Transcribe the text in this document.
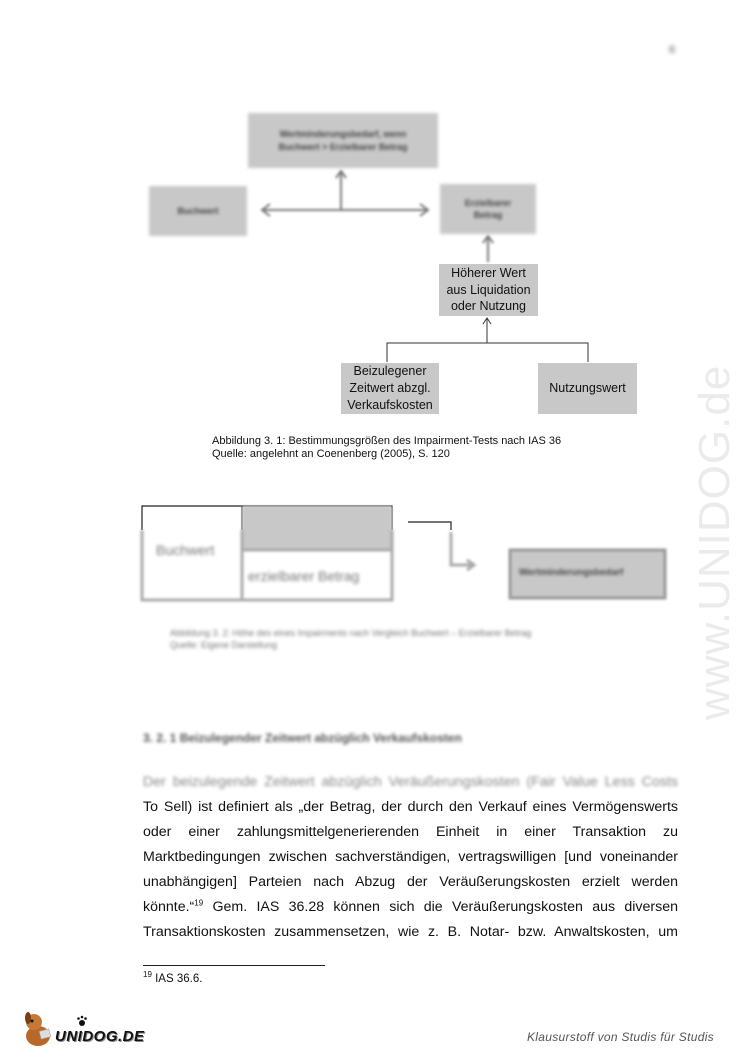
www.UNIDOG.de
6
Wertminderungsbedarf, wenn
Buchwert > Erzielbarer Betrag
Buchwert
Erzielbarer
Betrag
Höherer Wert
aus Liquidation
oder Nutzung
Beizulegener
Zeitwert abzgl.
Verkaufskosten
Nutzungswert
Abbildung 3. 1: Bestimmungsgrößen des Impairment-Tests nach IAS 36
Quelle: angelehnt an Coenenberg (2005), S. 120
Buchwert
erzielbarer Betrag	Wertminderungsbedarf
Abbildung 3. 2: Höhe des eines Impairments nach Vergleich Buchwert – Erzielbarer Betrag
Quelle: Eigene Darstellung
3. 2. 1 Beizulegender Zeitwert abzüglich Verkaufskosten
Der beizulegende Zeitwert abzüglich Veräußerungskosten (Fair Value Less Costs
To Sell) ist definiert als „der Betrag, der durch den Verkauf eines Vermögenswerts
oder einer zahlungsmittelgenerierenden Einheit in einer Transaktion zu
Marktbedingungen zwischen sachverständigen, vertragswilligen [und voneinander
unabhängigen] Parteien nach Abzug der Veräußerungskosten erzielt werden
könnte.“$^{19}$ Gem. IAS 36.28 können sich die Veräußerungskosten aus diversen
Transaktionskosten zusammensetzen, wie z. B. Notar- bzw. Anwaltskosten, um
$^{19}$ IAS 36.6.
UNIDOG.DE	Klausurstoff von Studis für Studis
